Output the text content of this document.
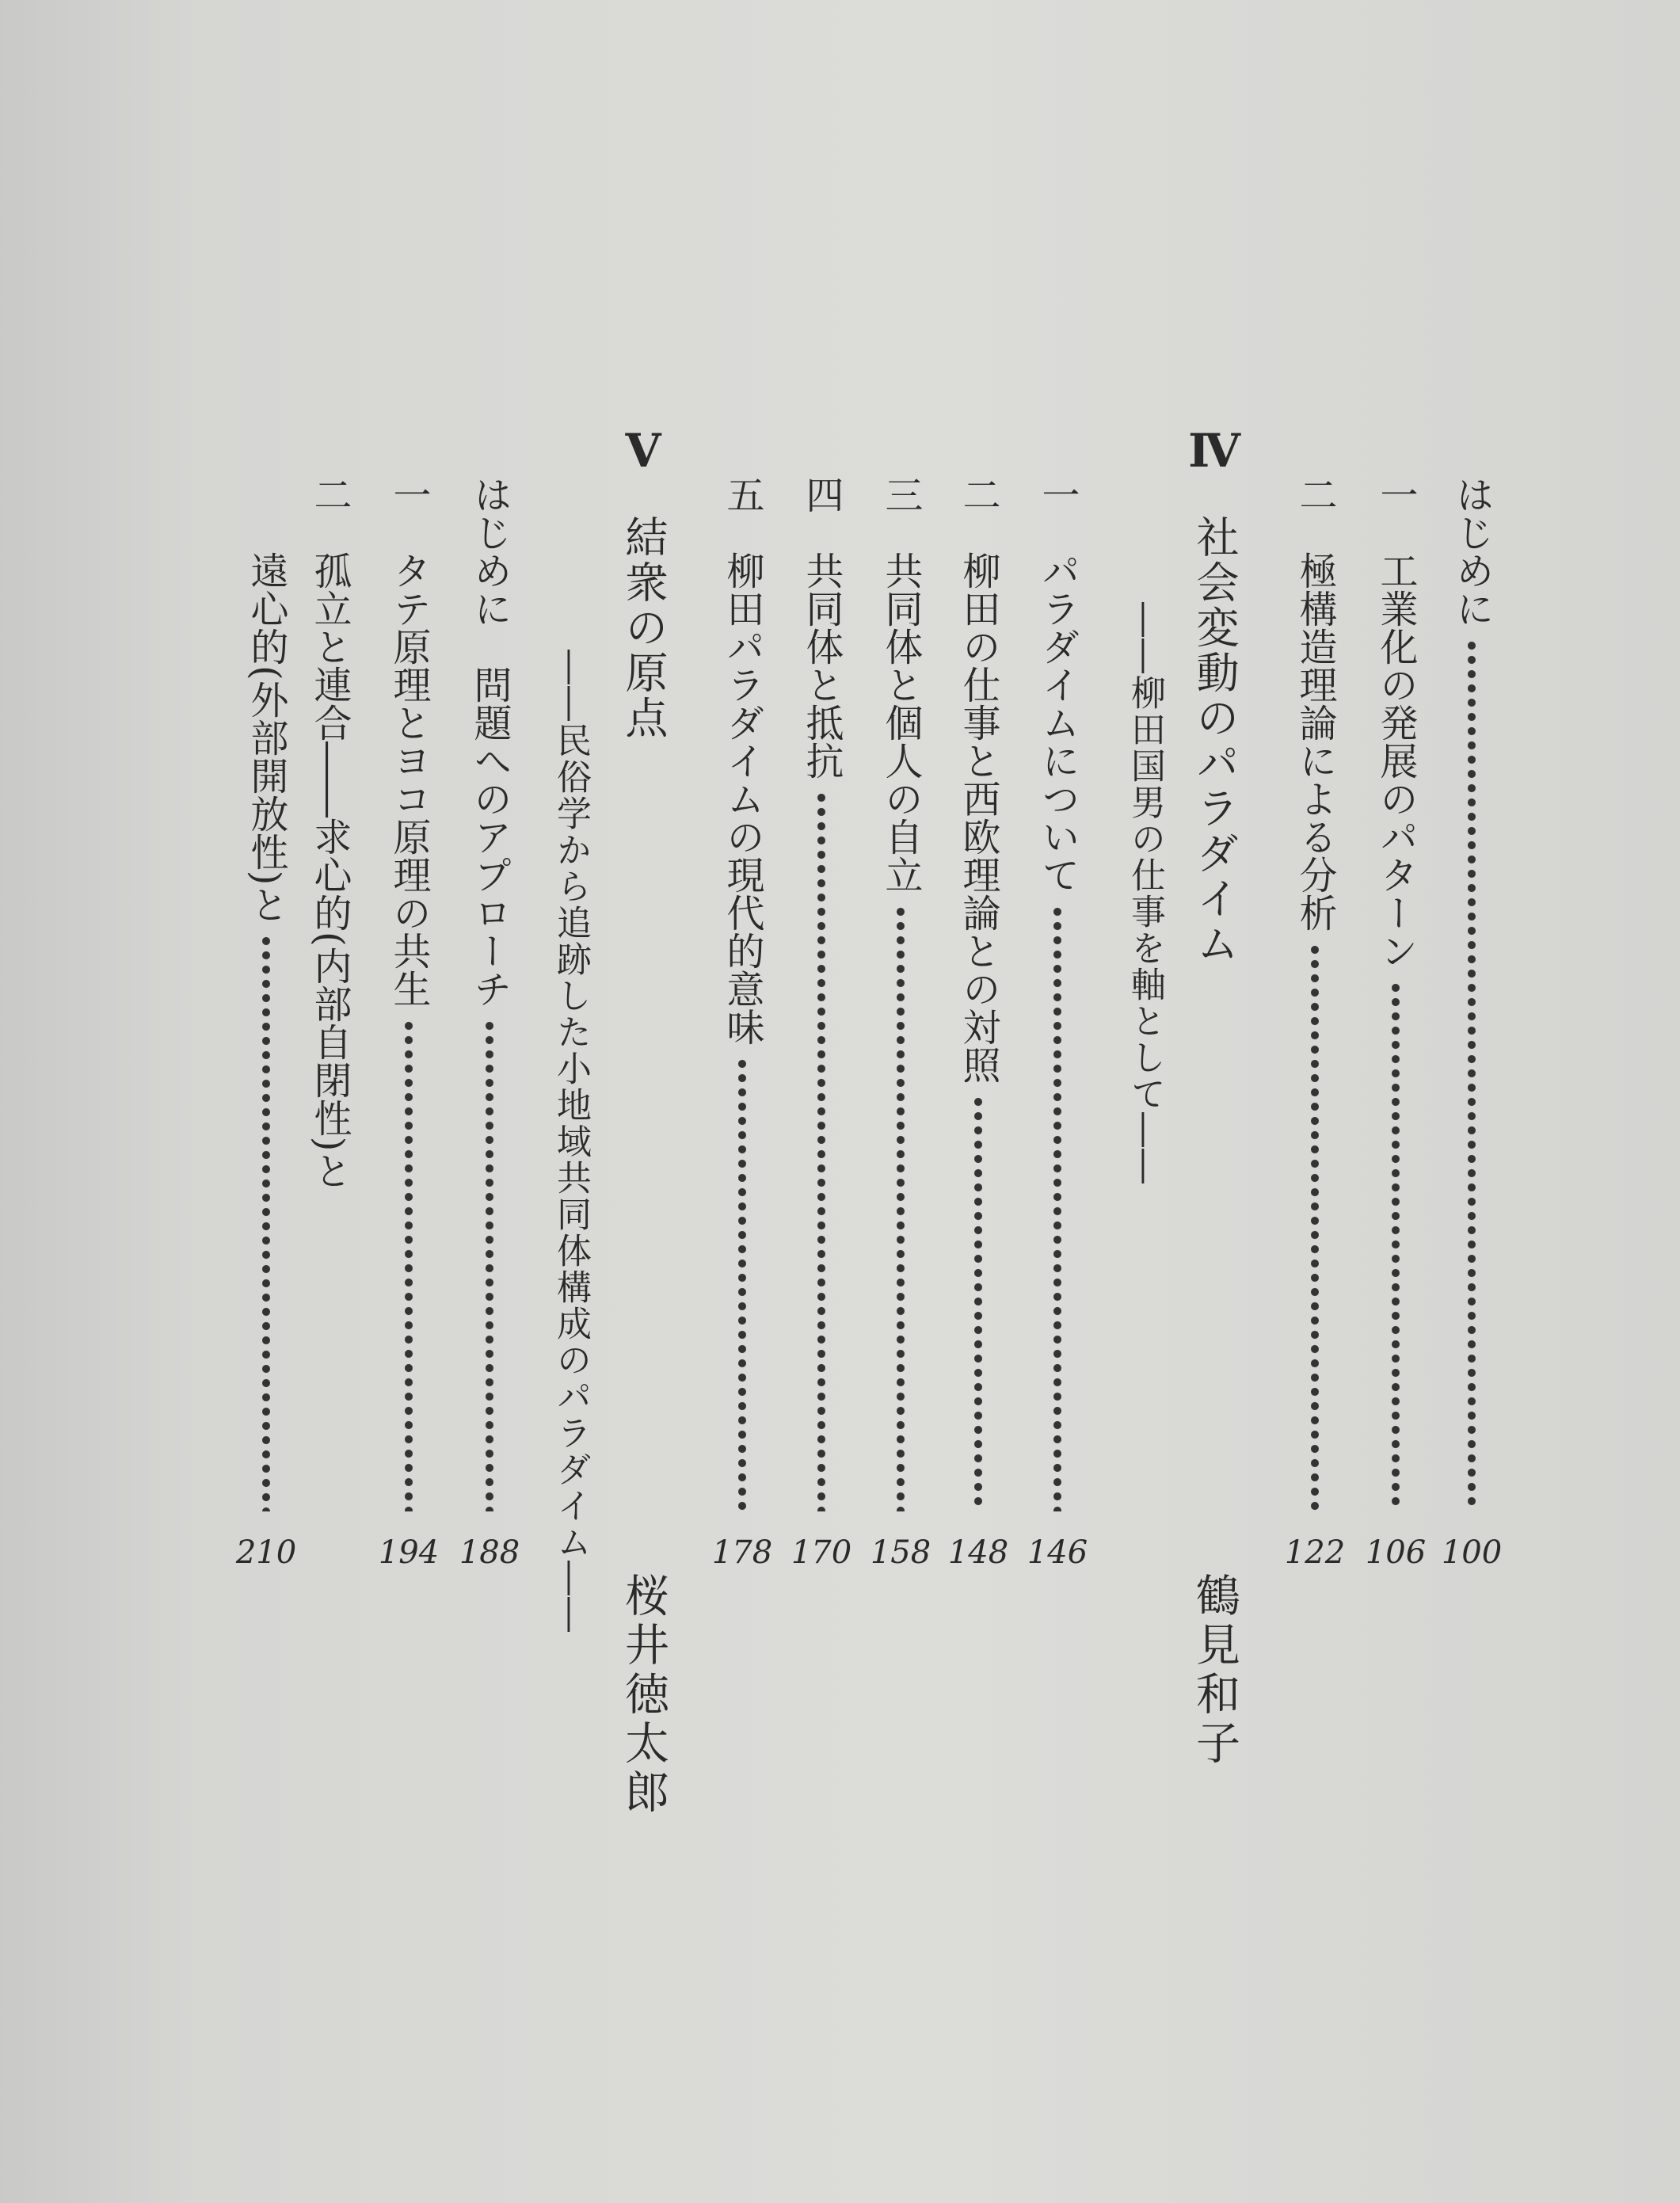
はじめに
100
一　工業化の発展のパターン
106
二　極構造理論による分析
122
Ⅳ
社会変動のパラダイム
――柳田国男の仕事を軸として――
鶴見和子
一　パラダイムについて
146
二　柳田の仕事と西欧理論との対照
148
三　共同体と個人の自立
158
四　共同体と抵抗
170
五　柳田パラダイムの現代的意味
178
Ⅴ
結衆の原点
――民俗学から追跡した小地域共同体構成のパラダイム――
桜井徳太郎
はじめに　問題へのアプローチ
188
一　タテ原理とヨコ原理の共生
194
二　孤立と連合――求心的(内部自閉性)と
　　遠心的(外部開放性)と
210
